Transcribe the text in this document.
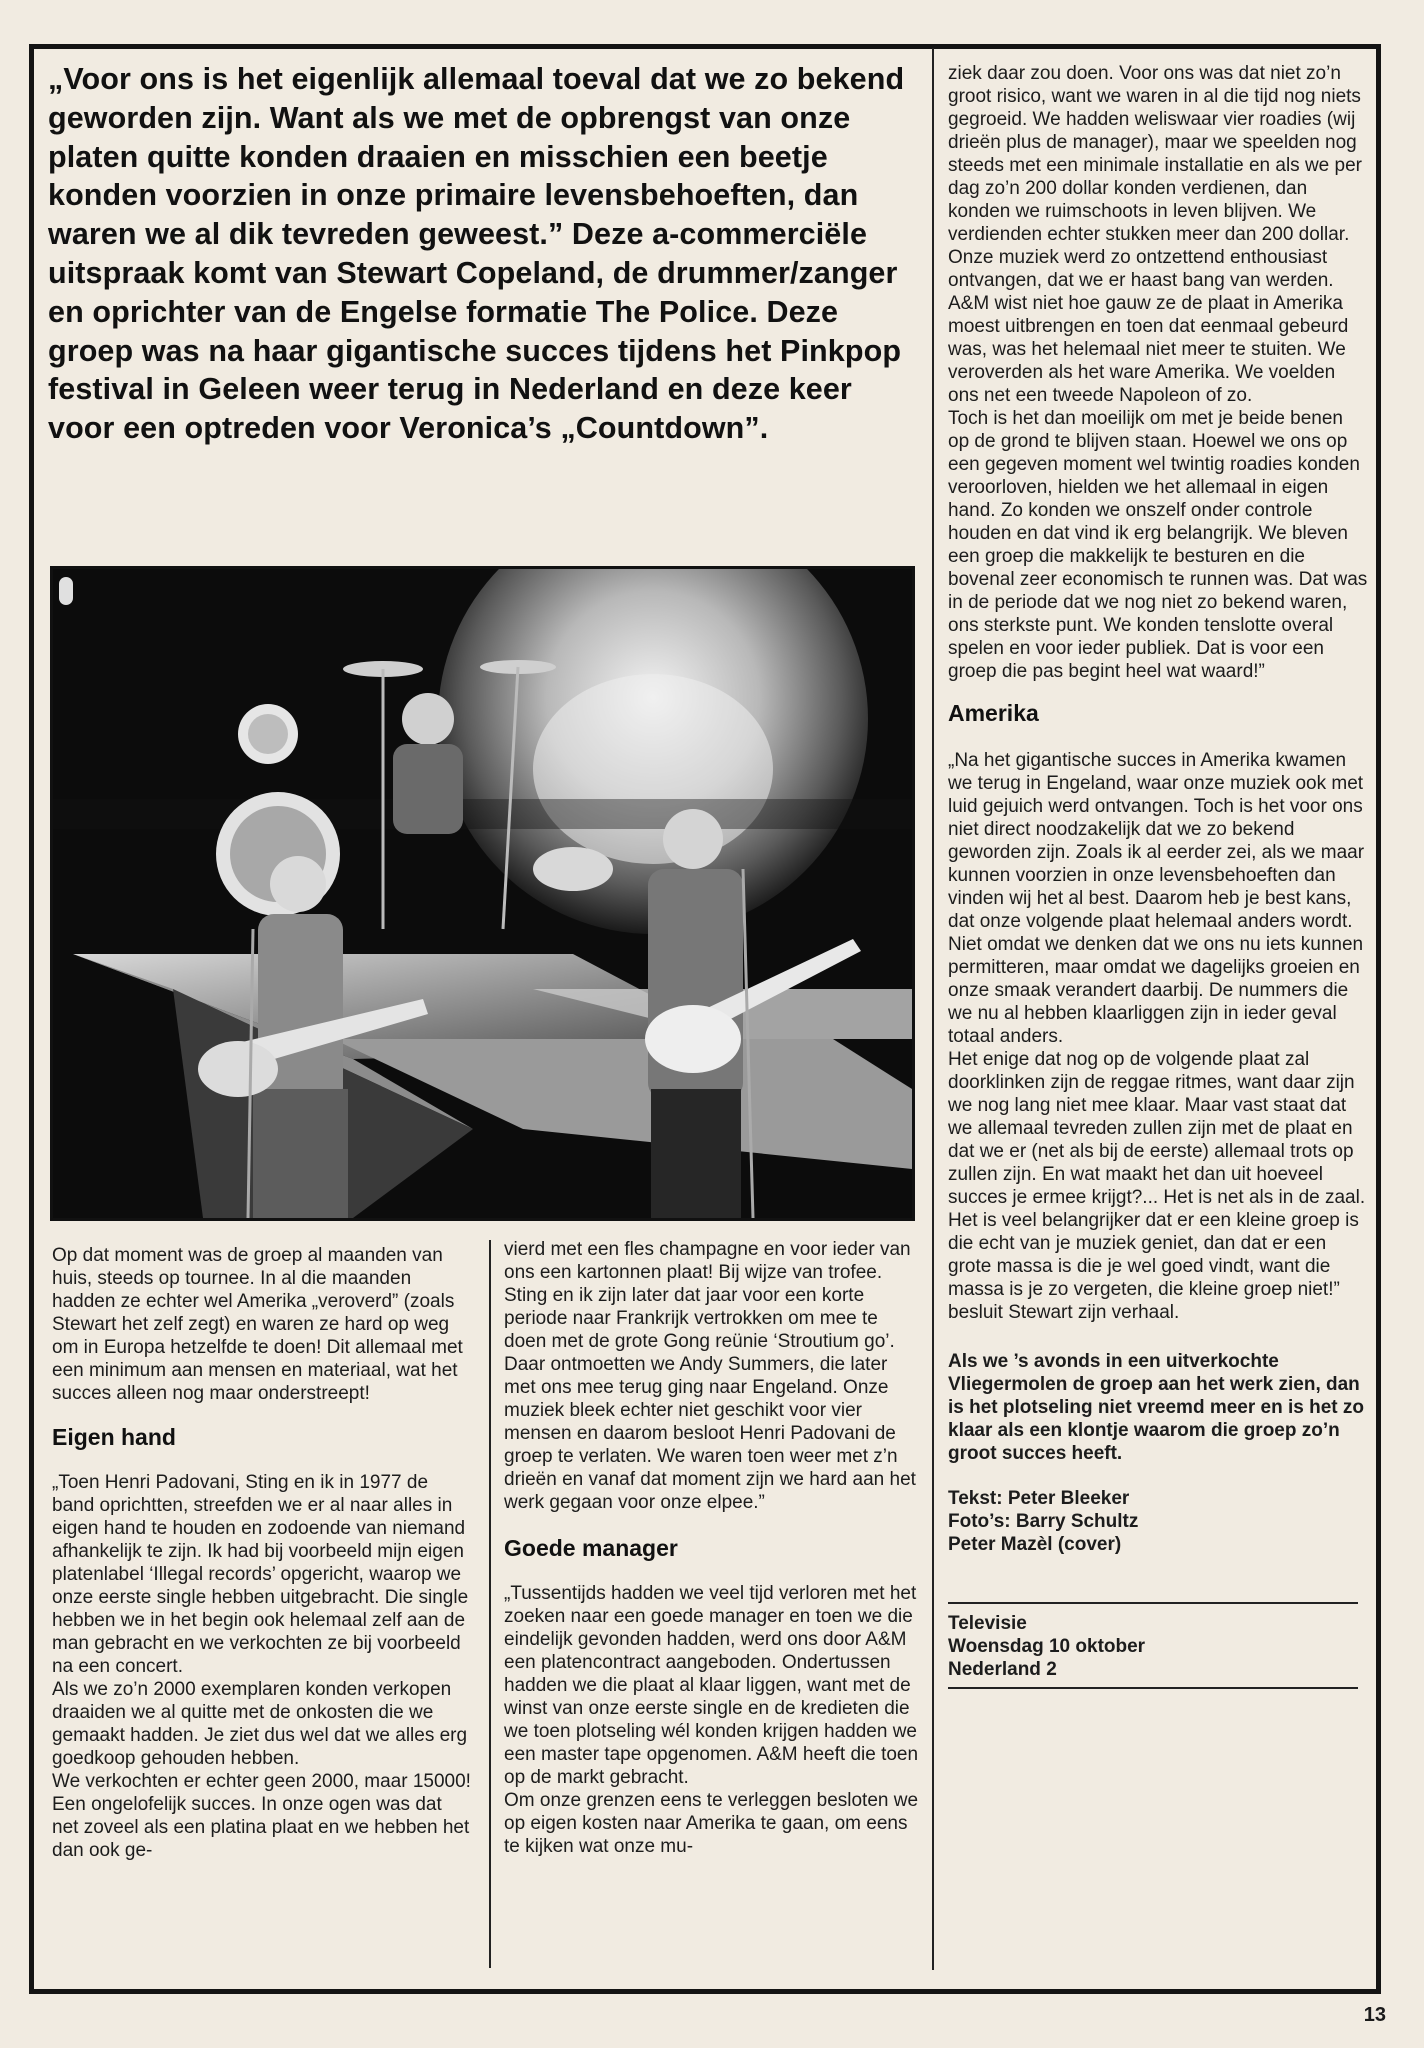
„Voor ons is het eigenlijk allemaal toeval dat we zo bekend geworden zijn. Want als we met de opbrengst van onze platen quitte konden draaien en misschien een beetje konden voorzien in onze primaire levensbehoeften, dan waren we al dik tevreden geweest.” Deze a-commerciële uitspraak komt van Stewart Copeland, de drummer/zanger en oprichter van de Engelse formatie The Police. Deze groep was na haar gigantische succes tijdens het Pinkpop festival in Geleen weer terug in Nederland en deze keer voor een optreden voor Veronica’s „Countdown”.

Op dat moment was de groep al maanden van huis, steeds op tournee. In al die maanden hadden ze echter wel Amerika „veroverd” (zoals Stewart het zelf zegt) en waren ze hard op weg om in Europa hetzelfde te doen! Dit allemaal met een minimum aan mensen en materiaal, wat het succes alleen nog maar onderstreept!

Eigen hand

„Toen Henri Padovani, Sting en ik in 1977 de band oprichtten, streefden we er al naar alles in eigen hand te houden en zodoende van niemand afhankelijk te zijn. Ik had bij voorbeeld mijn eigen platenlabel ‘Illegal records’ opgericht, waarop we onze eerste single hebben uitgebracht. Die single hebben we in het begin ook helemaal zelf aan de man gebracht en we verkochten ze bij voorbeeld na een concert.

Als we zo’n 2000 exemplaren konden verkopen draaiden we al quitte met de onkosten die we gemaakt hadden. Je ziet dus wel dat we alles erg goedkoop gehouden hebben.

We verkochten er echter geen 2000, maar 15000! Een ongelofelijk succes. In onze ogen was dat net zoveel als een platina plaat en we hebben het dan ook ge-

vierd met een fles champagne en voor ieder van ons een kartonnen plaat! Bij wijze van trofee.

Sting en ik zijn later dat jaar voor een korte periode naar Frankrijk vertrokken om mee te doen met de grote Gong reünie ‘Stroutium go’. Daar ontmoetten we Andy Summers, die later met ons mee terug ging naar Engeland. Onze muziek bleek echter niet geschikt voor vier mensen en daarom besloot Henri Padovani de groep te verlaten. We waren toen weer met z’n drieën en vanaf dat moment zijn we hard aan het werk gegaan voor onze elpee.”

Goede manager

„Tussentijds hadden we veel tijd verloren met het zoeken naar een goede manager en toen we die eindelijk gevonden hadden, werd ons door A&M een platencontract aangeboden. Ondertussen hadden we die plaat al klaar liggen, want met de winst van onze eerste single en de kredieten die we toen plotseling wél konden krijgen hadden we een master tape opgenomen. A&M heeft die toen op de markt gebracht.

Om onze grenzen eens te verleggen besloten we op eigen kosten naar Amerika te gaan, om eens te kijken wat onze mu-

ziek daar zou doen. Voor ons was dat niet zo’n groot risico, want we waren in al die tijd nog niets gegroeid. We hadden weliswaar vier roadies (wij drieën plus de manager), maar we speelden nog steeds met een minimale installatie en als we per dag zo’n 200 dollar konden verdienen, dan konden we ruimschoots in leven blijven. We verdienden echter stukken meer dan 200 dollar.

Onze muziek werd zo ontzettend enthousiast ontvangen, dat we er haast bang van werden.

A&M wist niet hoe gauw ze de plaat in Amerika moest uitbrengen en toen dat eenmaal gebeurd was, was het helemaal niet meer te stuiten. We veroverden als het ware Amerika. We voelden ons net een tweede Napoleon of zo.

Toch is het dan moeilijk om met je beide benen op de grond te blijven staan. Hoewel we ons op een gegeven moment wel twintig roadies konden veroorloven, hielden we het allemaal in eigen hand. Zo konden we onszelf onder controle houden en dat vind ik erg belangrijk. We bleven een groep die makkelijk te besturen en die bovenal zeer economisch te runnen was. Dat was in de periode dat we nog niet zo bekend waren, ons sterkste punt. We konden tenslotte overal spelen en voor ieder publiek. Dat is voor een groep die pas begint heel wat waard!”

Amerika

„Na het gigantische succes in Amerika kwamen we terug in Engeland, waar onze muziek ook met luid gejuich werd ontvangen. Toch is het voor ons niet direct noodzakelijk dat we zo bekend geworden zijn. Zoals ik al eerder zei, als we maar kunnen voorzien in onze levensbehoeften dan vinden wij het al best. Daarom heb je best kans, dat onze volgende plaat helemaal anders wordt. Niet omdat we denken dat we ons nu iets kunnen permitteren, maar omdat we dagelijks groeien en onze smaak verandert daarbij. De nummers die we nu al hebben klaarliggen zijn in ieder geval totaal anders.

Het enige dat nog op de volgende plaat zal doorklinken zijn de reggae ritmes, want daar zijn we nog lang niet mee klaar. Maar vast staat dat we allemaal tevreden zullen zijn met de plaat en dat we er (net als bij de eerste) allemaal trots op zullen zijn. En wat maakt het dan uit hoeveel succes je ermee krijgt?... Het is net als in de zaal. Het is veel belangrijker dat er een kleine groep is die echt van je muziek geniet, dan dat er een grote massa is die je wel goed vindt, want die massa is je zo vergeten, die kleine groep niet!” besluit Stewart zijn verhaal.

Als we ’s avonds in een uitverkochte Vliegermolen de groep aan het werk zien, dan is het plotseling niet vreemd meer en is het zo klaar als een klontje waarom die groep zo’n groot succes heeft.

Tekst: Peter Bleeker

Foto’s: Barry Schultz

Peter Mazèl (cover)

Televisie

Woensdag 10 oktober

Nederland 2

13
